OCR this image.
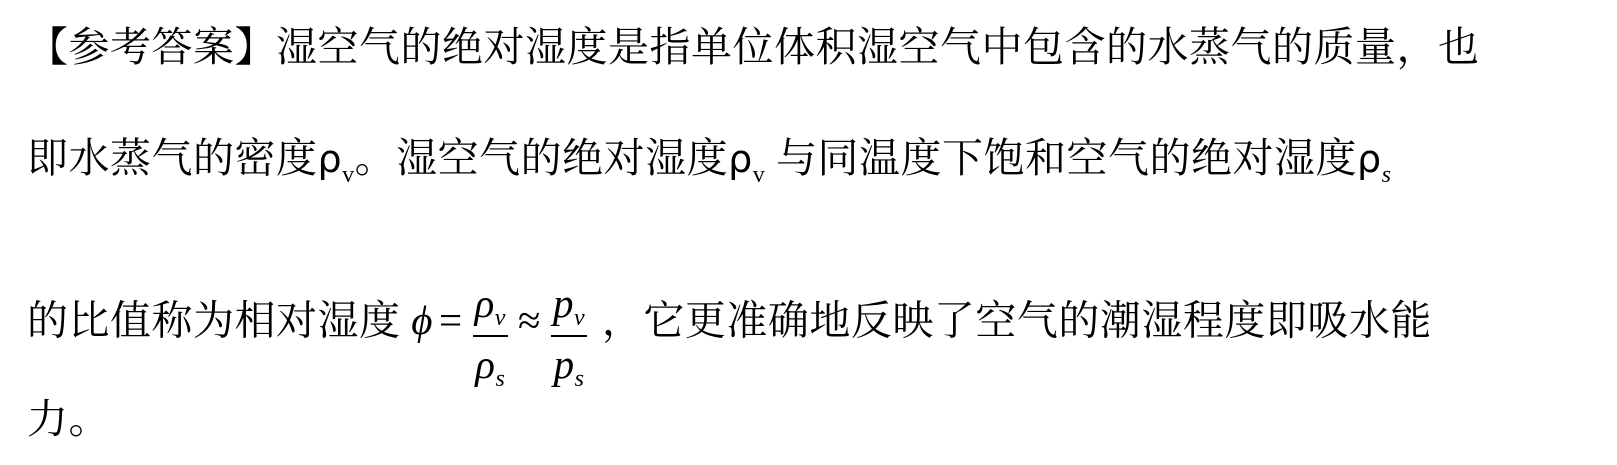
【参考答案】湿空气的绝对湿度是指单位体积湿空气中包含的水蒸气的质量，也
即水蒸气的密度$\rho_v$。湿空气的绝对湿度$\rho_v$ 与同温度下饱和空气的绝对湿度$\rho_s$
的比值称为相对湿度 $\phi = \frac{\rho v}{\rho s} \approx \frac{pv}{ps}$ ，它更准确地反映了空气的潮湿程度即吸水能
力。
